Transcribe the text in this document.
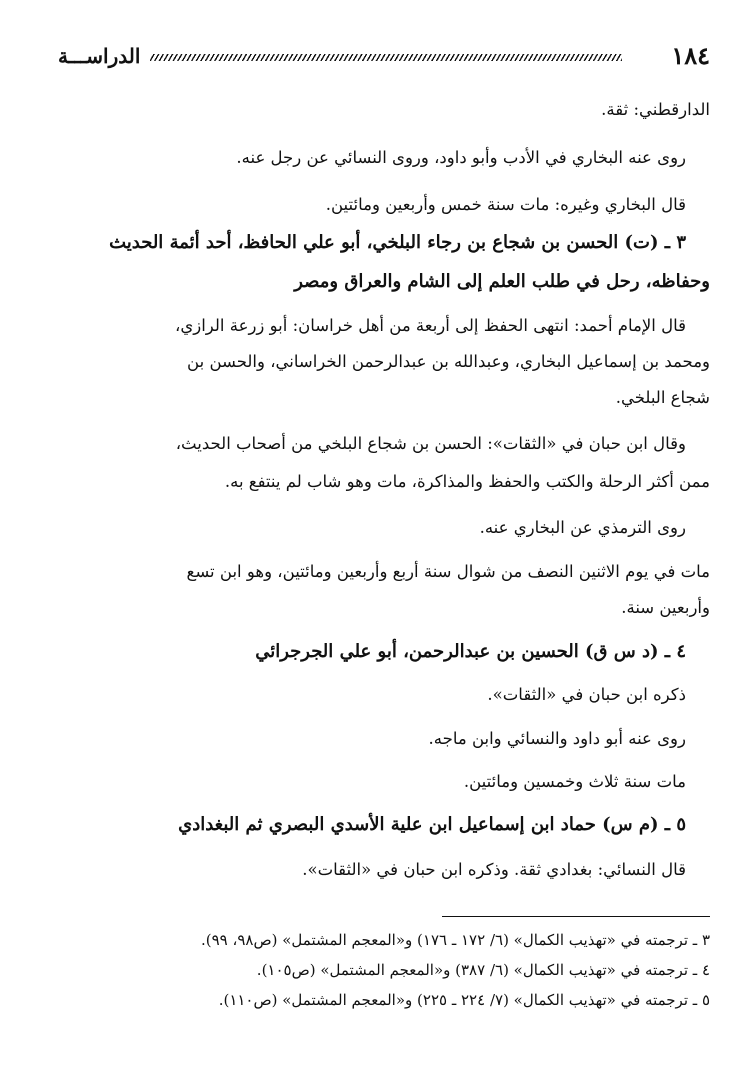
١٨٤
الدراســـة
الدارقطني: ثقة.
روى عنه البخاري في الأدب وأبو داود، وروى النسائي عن رجل عنه.
قال البخاري وغيره: مات سنة خمس وأربعين ومائتين.
٣ ـ (ت) الحسن بن شجاع بن رجاء البلخي، أبو علي الحافظ، أحد أئمة الحديث
وحفاظه، رحل في طلب العلم إلى الشام والعراق ومصر
قال الإمام أحمد: انتهى الحفظ إلى أربعة من أهل خراسان: أبو زرعة الرازي،
ومحمد بن إسماعيل البخاري، وعبدالله بن عبدالرحمن الخراساني، والحسن بن
شجاع البلخي.
وقال ابن حبان في «الثقات»: الحسن بن شجاع البلخي من أصحاب الحديث،
ممن أكثر الرحلة والكتب والحفظ والمذاكرة، مات وهو شاب لم ينتفع به.
روى الترمذي عن البخاري عنه.
مات في يوم الاثنين النصف من شوال سنة أربع وأربعين ومائتين، وهو ابن تسع
وأربعين سنة.
٤ ـ (د س ق) الحسين بن عبدالرحمن، أبو علي الجرجرائي
ذكره ابن حبان في «الثقات».
روى عنه أبو داود والنسائي وابن ماجه.
مات سنة ثلاث وخمسين ومائتين.
٥ ـ (م س) حماد ابن إسماعيل ابن علية الأسدي البصري ثم البغدادي
قال النسائي: بغدادي ثقة. وذكره ابن حبان في «الثقات».
٣ ـ ترجمته في «تهذيب الكمال» (٦/ ١٧٢ ـ ١٧٦) و«المعجم المشتمل» (ص٩٨، ٩٩).
٤ ـ ترجمته في «تهذيب الكمال» (٦/ ٣٨٧) و«المعجم المشتمل» (ص١٠٥).
٥ ـ ترجمته في «تهذيب الكمال» (٧/ ٢٢٤ ـ ٢٢٥) و«المعجم المشتمل» (ص١١٠).
